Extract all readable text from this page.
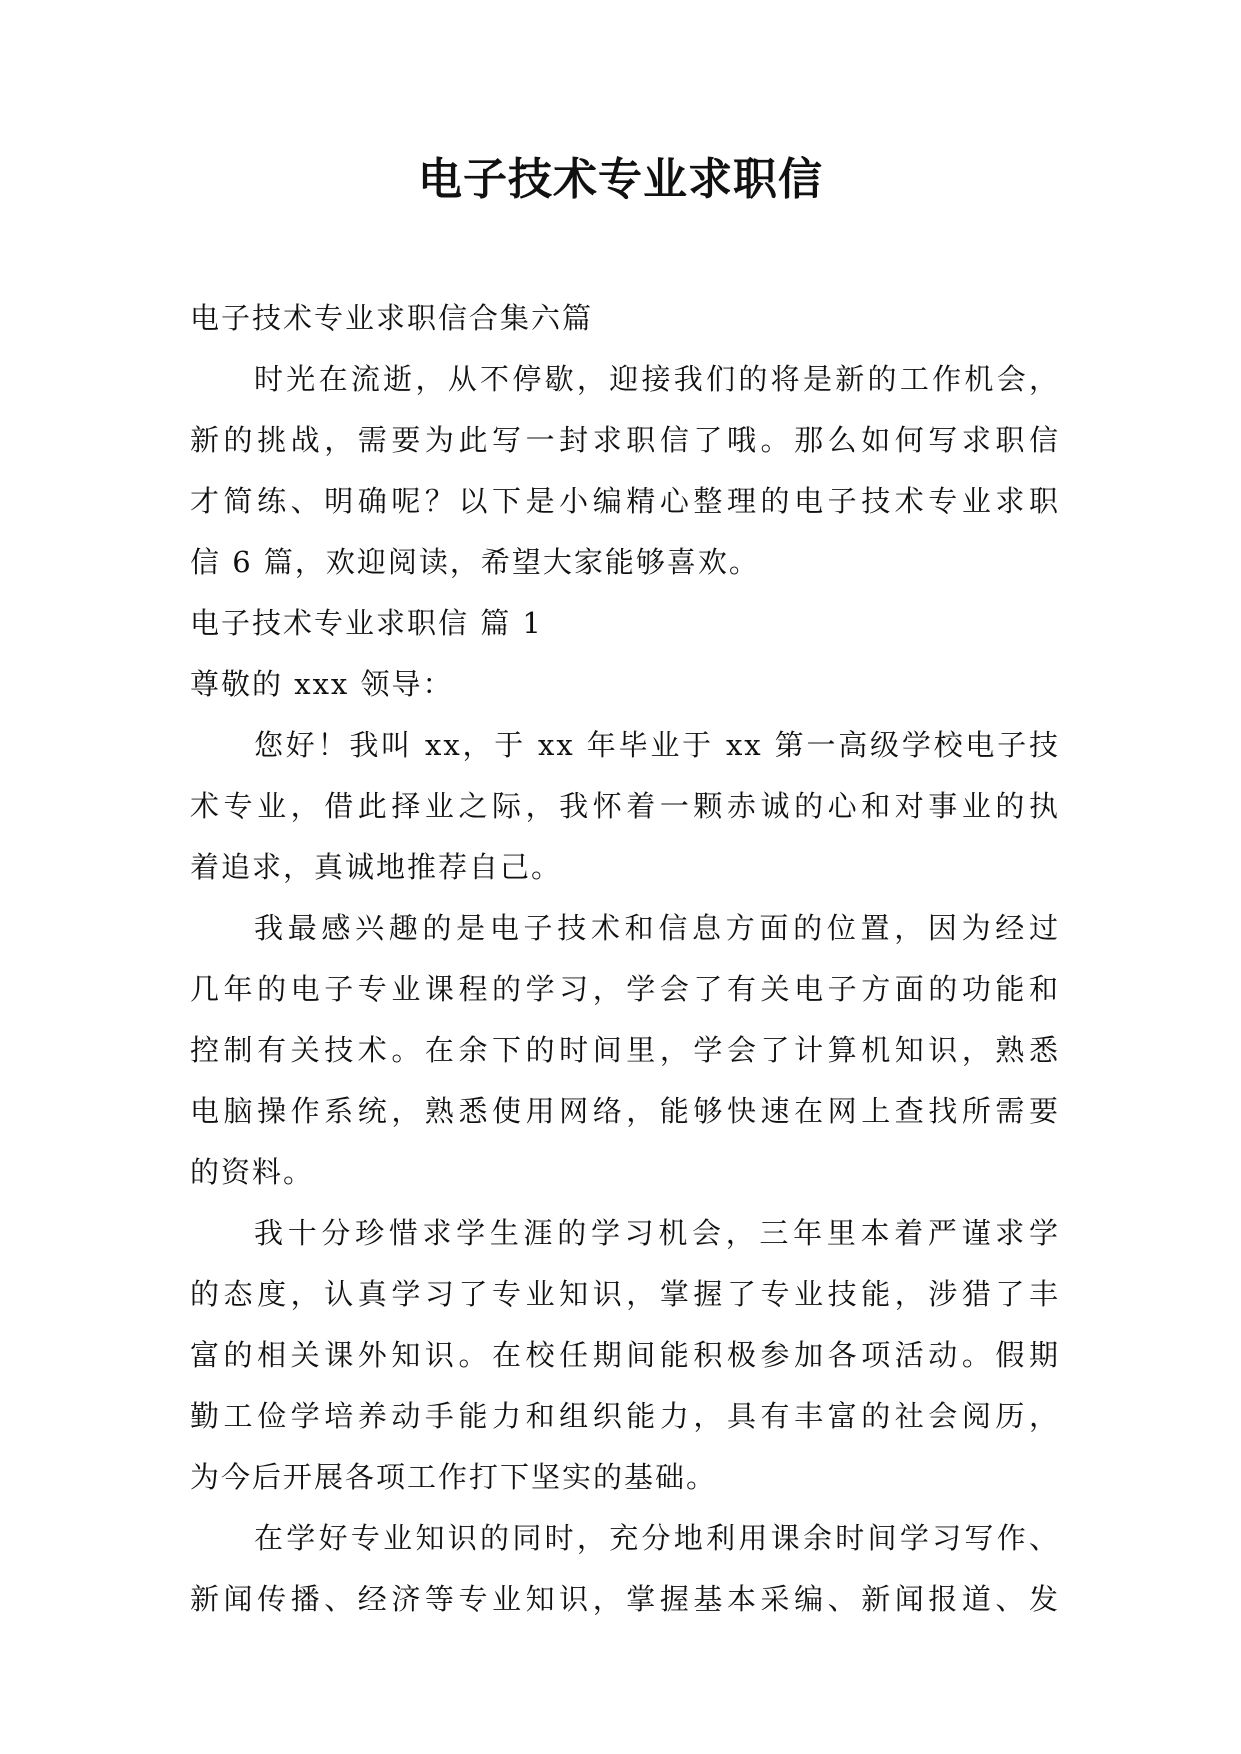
电子技术专业求职信

电子技术专业求职信合集六篇

时光在流逝，从不停歇，迎接我们的将是新的工作机会，

新的挑战，需要为此写一封求职信了哦。那么如何写求职信

才简练、明确呢？以下是小编精心整理的电子技术专业求职

信 6 篇，欢迎阅读，希望大家能够喜欢。

电子技术专业求职信 篇 1

尊敬的 xxx 领导：

您好！我叫 xx，于 xx 年毕业于 xx 第一高级学校电子技

术专业，借此择业之际，我怀着一颗赤诚的心和对事业的执

着追求，真诚地推荐自己。

我最感兴趣的是电子技术和信息方面的位置，因为经过

几年的电子专业课程的学习，学会了有关电子方面的功能和

控制有关技术。在余下的时间里，学会了计算机知识，熟悉

电脑操作系统，熟悉使用网络，能够快速在网上查找所需要

的资料。

我十分珍惜求学生涯的学习机会，三年里本着严谨求学

的态度，认真学习了专业知识，掌握了专业技能，涉猎了丰

富的相关课外知识。在校任期间能积极参加各项活动。假期

勤工俭学培养动手能力和组织能力，具有丰富的社会阅历，

为今后开展各项工作打下坚实的基础。

在学好专业知识的同时，充分地利用课余时间学习写作、

新闻传播、经济等专业知识，掌握基本采编、新闻报道、发
